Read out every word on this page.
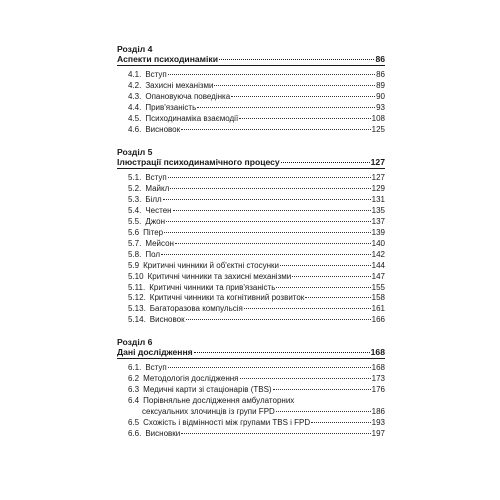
Розділ 4
Аспекти психодинаміки	86
4.1. Вступ	86
4.2. Захисні механізми	89
4.3. Опановуюча поведінка	90
4.4. Прив'язаність	93
4.5. Психодинаміка взаємодії	108
4.6. Висновок	125
Розділ 5
Ілюстрації психодинамічного процесу	127
5.1. Вступ	127
5.2. Майкл	129
5.3. Білл	131
5.4. Честен	135
5.5. Джон	137
5.6 Пітер	139
5.7. Мейсон	140
5.8. Пол	142
5.9 Критичні чинники й об'єктні стосунки	144
5.10 Критичні чинники та захисні механізми	147
5.11. Критичні чинники та прив'язаність	155
5.12. Критичні чинники та когнітивний розвиток	158
5.13. Багаторазова компульсія	161
5.14. Висновок	166
Розділ 6
Дані дослідження	168
6.1. Вступ	168
6.2 Методологія дослідження	173
6.3 Медичні карти зі стаціонарів (TBS)	176
6.4 Порівняльне дослідження амбулаторних
сексуальних злочинців із групи FPD	186
6.5 Схожість і відмінності між групами TBS і FPD	193
6.6. Висновки	197
